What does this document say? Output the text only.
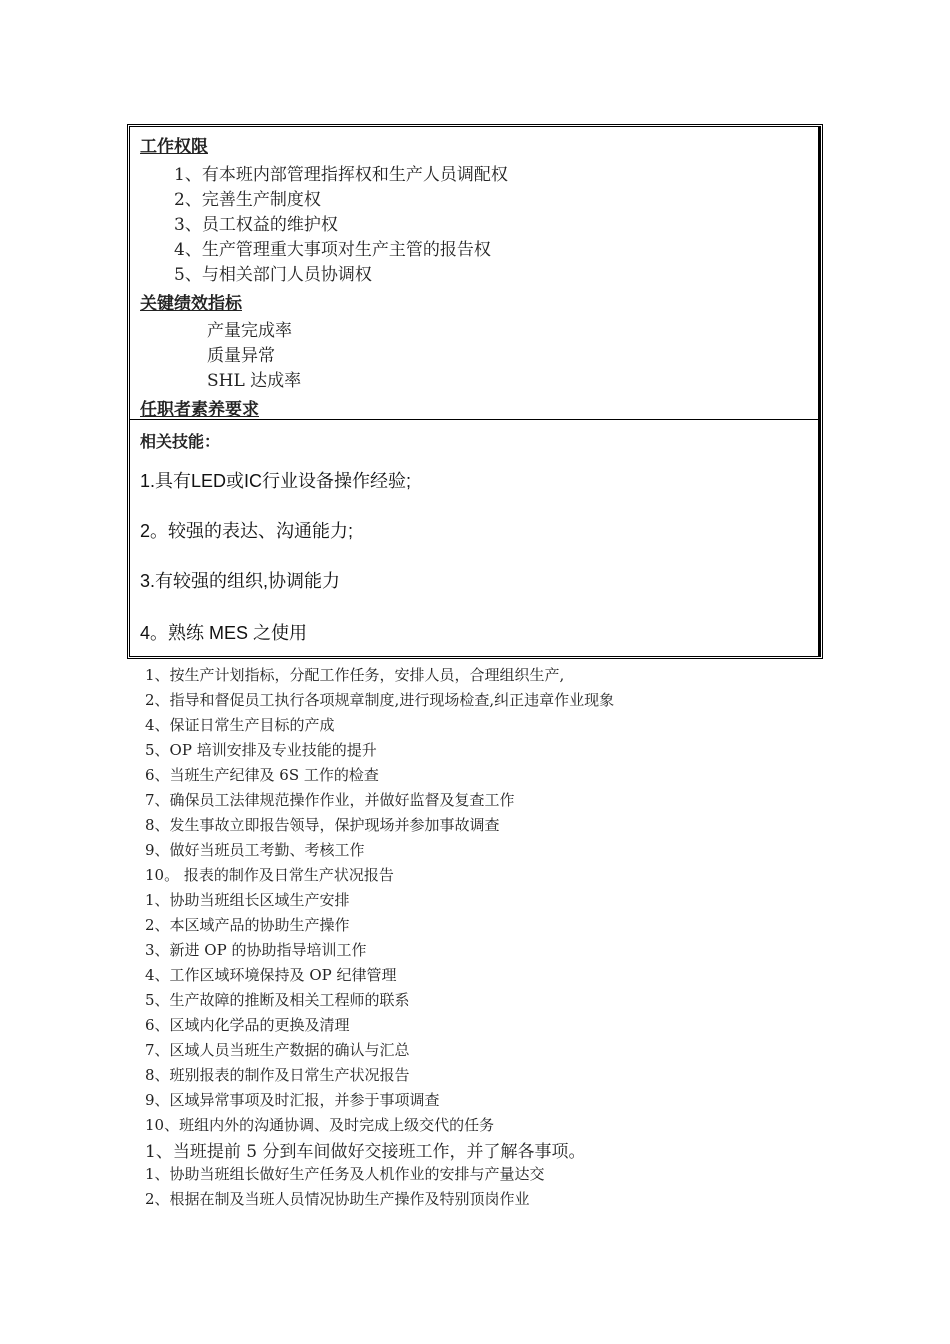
工作权限
1、有本班内部管理指挥权和生产人员调配权
2、完善生产制度权
3、员工权益的维护权
4、生产管理重大事项对生产主管的报告权
5、与相关部门人员协调权
关键绩效指标
产量完成率
质量异常
SHL 达成率
任职者素养要求
相关技能：
1.具有LED或IC行业设备操作经验;
2。较强的表达、沟通能力;
3.有较强的组织,协调能力
4。熟练 MES 之使用
1、按生产计划指标，分配工作任务，安排人员，合理组织生产,
2、指导和督促员工执行各项规章制度,进行现场检查,纠正违章作业现象
4、保证日常生产目标的产成
5、OP 培训安排及专业技能的提升
6、当班生产纪律及 6S 工作的检查
7、确保员工法律规范操作作业，并做好监督及复查工作
8、发生事故立即报告领导，保护现场并参加事故调查
9、做好当班员工考勤、考核工作
10。 报表的制作及日常生产状况报告
1、协助当班组长区域生产安排
2、本区域产品的协助生产操作
3、新进 OP 的协助指导培训工作
4、工作区域环境保持及 OP 纪律管理
5、生产故障的推断及相关工程师的联系
6、区域内化学品的更换及清理
7、区域人员当班生产数据的确认与汇总
8、班别报表的制作及日常生产状况报告
9、区域异常事项及时汇报，并参于事项调查
10、班组内外的沟通协调、及时完成上级交代的任务
1、当班提前 5 分到车间做好交接班工作，并了解各事项。
1、协助当班组长做好生产任务及人机作业的安排与产量达交
2、根据在制及当班人员情况协助生产操作及特别顶岗作业
